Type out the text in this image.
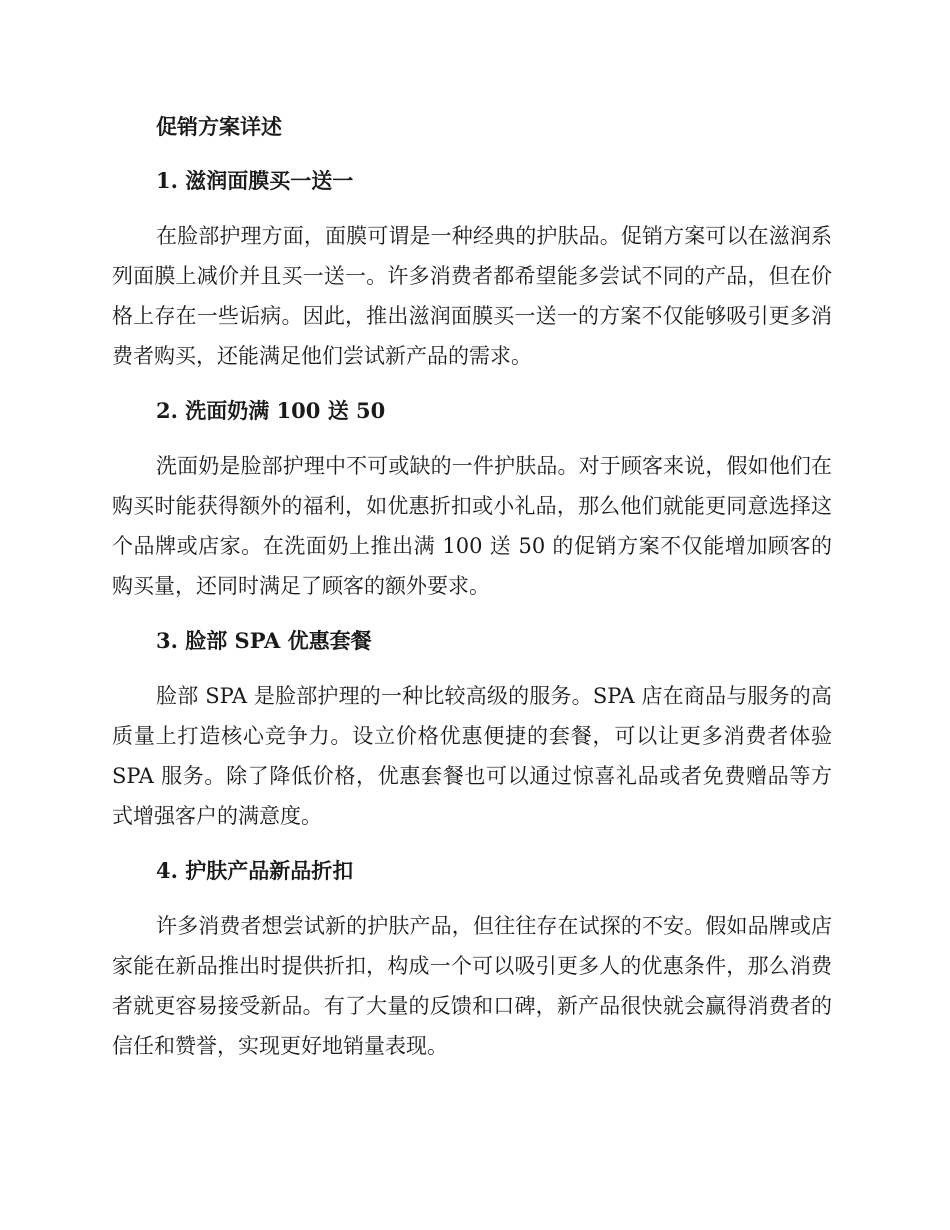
促销方案详述
1. 滋润面膜买一送一

在脸部护理方面，面膜可谓是一种经典的护肤品。促销方案可以在滋润系列面膜上减价并且买一送一。许多消费者都希望能多尝试不同的产品，但在价格上存在一些诟病。因此，推出滋润面膜买一送一的方案不仅能够吸引更多消费者购买，还能满足他们尝试新产品的需求。

2. 洗面奶满 100 送 50

洗面奶是脸部护理中不可或缺的一件护肤品。对于顾客来说，假如他们在购买时能获得额外的福利，如优惠折扣或小礼品，那么他们就能更同意选择这个品牌或店家。在洗面奶上推出满 100 送 50 的促销方案不仅能增加顾客的购买量，还同时满足了顾客的额外要求。

3. 脸部 SPA 优惠套餐

脸部 SPA 是脸部护理的一种比较高级的服务。SPA 店在商品与服务的高质量上打造核心竞争力。设立价格优惠便捷的套餐，可以让更多消费者体验 SPA 服务。除了降低价格，优惠套餐也可以通过惊喜礼品或者免费赠品等方式增强客户的满意度。

4. 护肤产品新品折扣

许多消费者想尝试新的护肤产品，但往往存在试探的不安。假如品牌或店家能在新品推出时提供折扣，构成一个可以吸引更多人的优惠条件，那么消费者就更容易接受新品。有了大量的反馈和口碑，新产品很快就会赢得消费者的信任和赞誉，实现更好地销量表现。
